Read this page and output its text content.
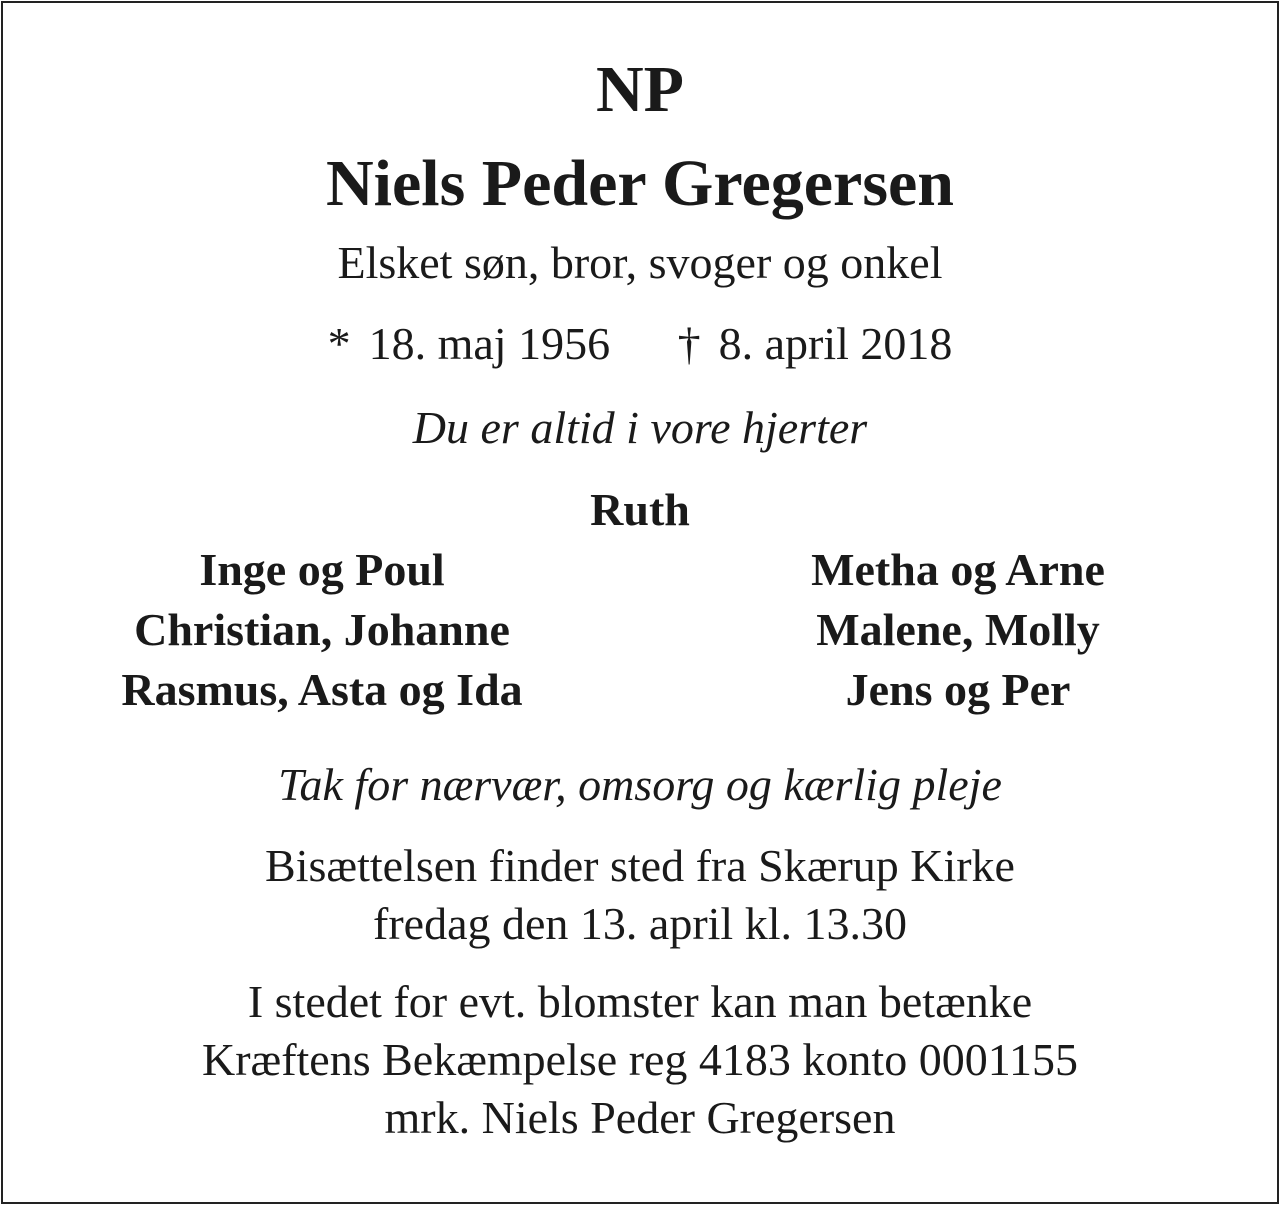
NP
Niels Peder Gregersen
Elsket søn, bror, svoger og onkel
* 18. maj 1956 † 8. april 2018
Du er altid i vore hjerter
Ruth
Inge og Poul
Christian, Johanne
Rasmus, Asta og Ida
Metha og Arne
Malene, Molly
Jens og Per
Tak for nærvær, omsorg og kærlig pleje
Bisættelsen finder sted fra Skærup Kirke
fredag den 13. april kl. 13.30
I stedet for evt. blomster kan man betænke
Kræftens Bekæmpelse reg 4183 konto 0001155
mrk. Niels Peder Gregersen
